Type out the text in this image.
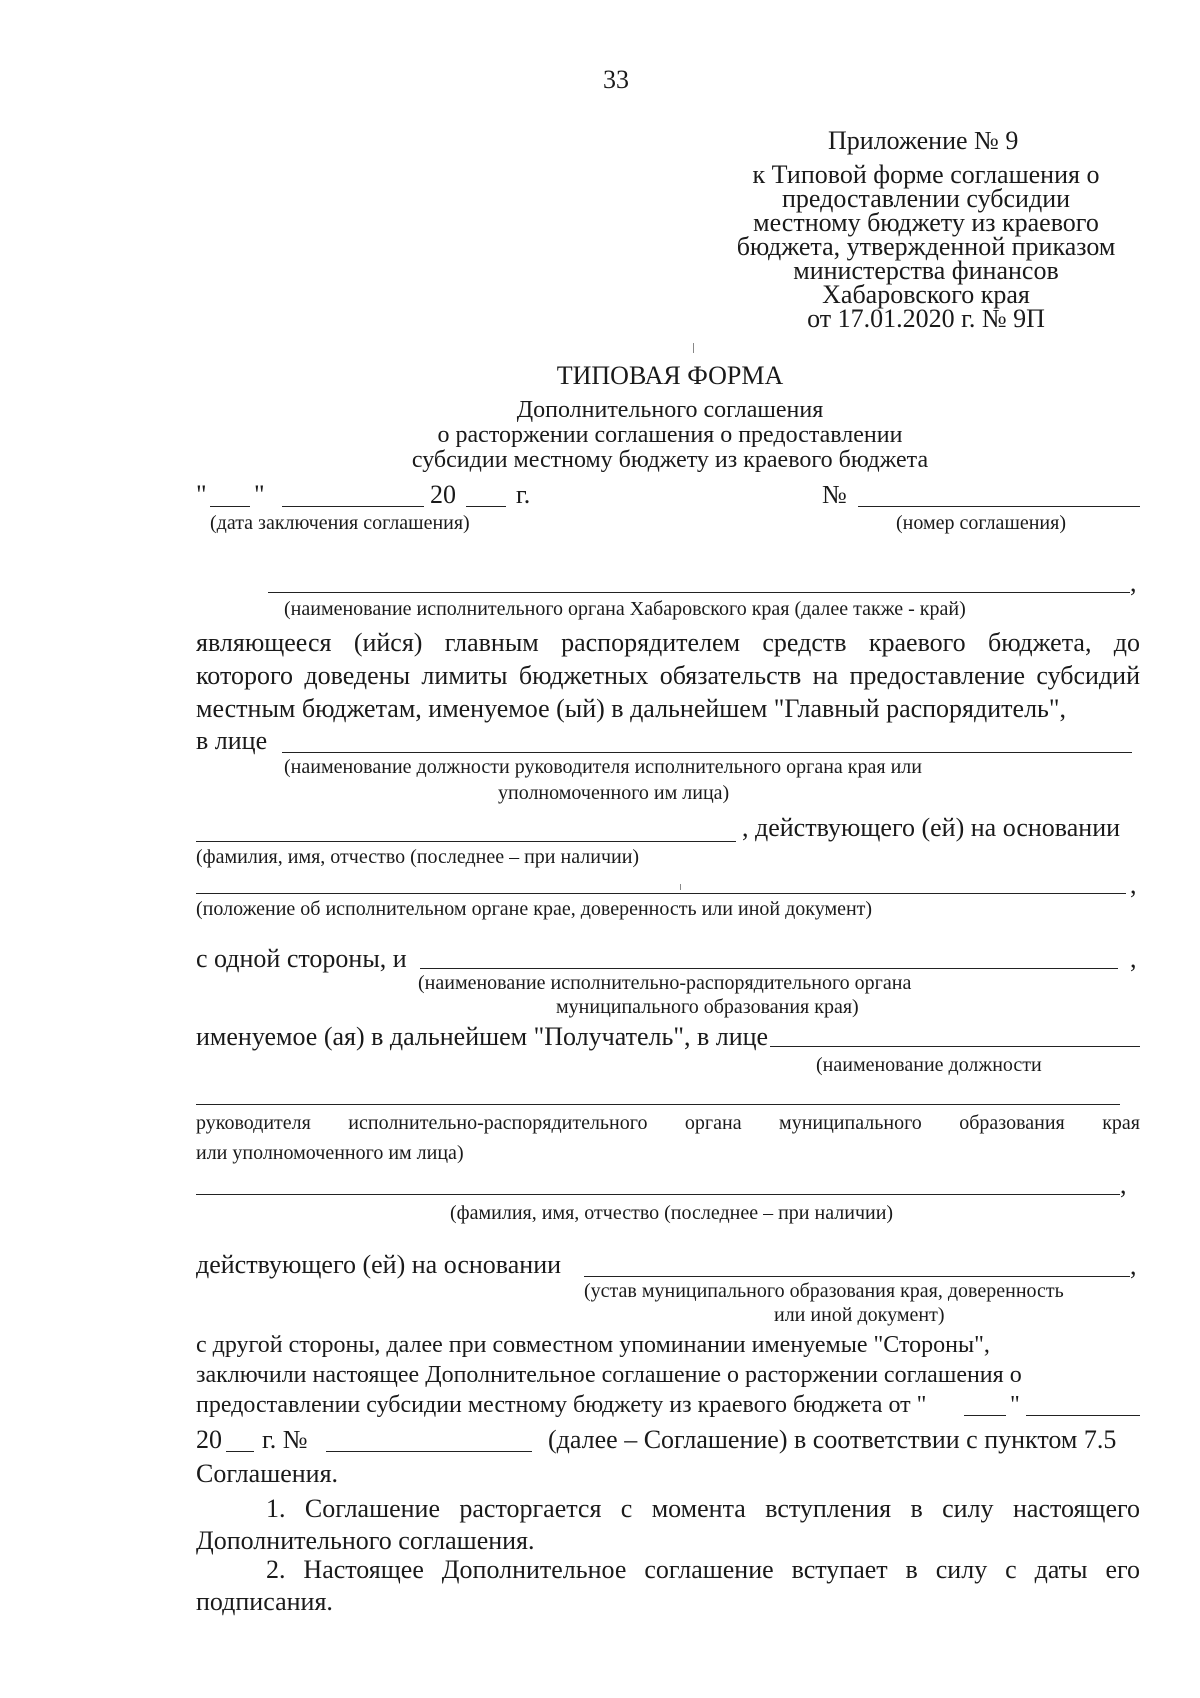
33
Приложение № 9
к Типовой форме соглашения о
предоставлении субсидии
местному бюджету из краевого
бюджета, утвержденной приказом
министерства финансов
Хабаровского края
от 17.01.2020 г. № 9П
ТИПОВАЯ ФОРМА
Дополнительного соглашения
о расторжении соглашения о предоставлении
субсидии местному бюджету из краевого бюджета
" "	20 г.	№
(дата заключения соглашения)	(номер соглашения)
,
(наименование исполнительного органа Хабаровского края (далее также - край)
являющееся (ийся) главным распорядителем средств краевого бюджета, до
которого доведены лимиты бюджетных обязательств на предоставление субсидий
местным бюджетам, именуемое (ый) в дальнейшем "Главный распорядитель",
в лице
(наименование должности руководителя исполнительного органа края или
уполномоченного им лица)
, действующего (ей) на основании
(фамилия, имя, отчество (последнее – при наличии)
,
(положение об исполнительном органе крае, доверенность или иной документ)
с одной стороны, и	,
(наименование исполнительно-распорядительного органа
муниципального образования края)
именуемое (ая) в дальнейшем "Получатель", в лице
(наименование должности
руководителя исполнительно-распорядительного органа муниципального образования края
или уполномоченного им лица)
,
(фамилия, имя, отчество (последнее – при наличии)
действующего (ей) на основании	,
(устав муниципального образования края, доверенность
или иной документ)
с другой стороны, далее при совместном упоминании именуемые "Стороны",
заключили настоящее Дополнительное соглашение о расторжении соглашения о
предоставлении субсидии местному бюджету из краевого бюджета от "	"
20 г. №	(далее – Соглашение) в соответствии с пунктом 7.5
Соглашения.
1. Соглашение расторгается с момента вступления в силу настоящего
Дополнительного соглашения.
2. Настоящее Дополнительное соглашение вступает в силу с даты его
подписания.
